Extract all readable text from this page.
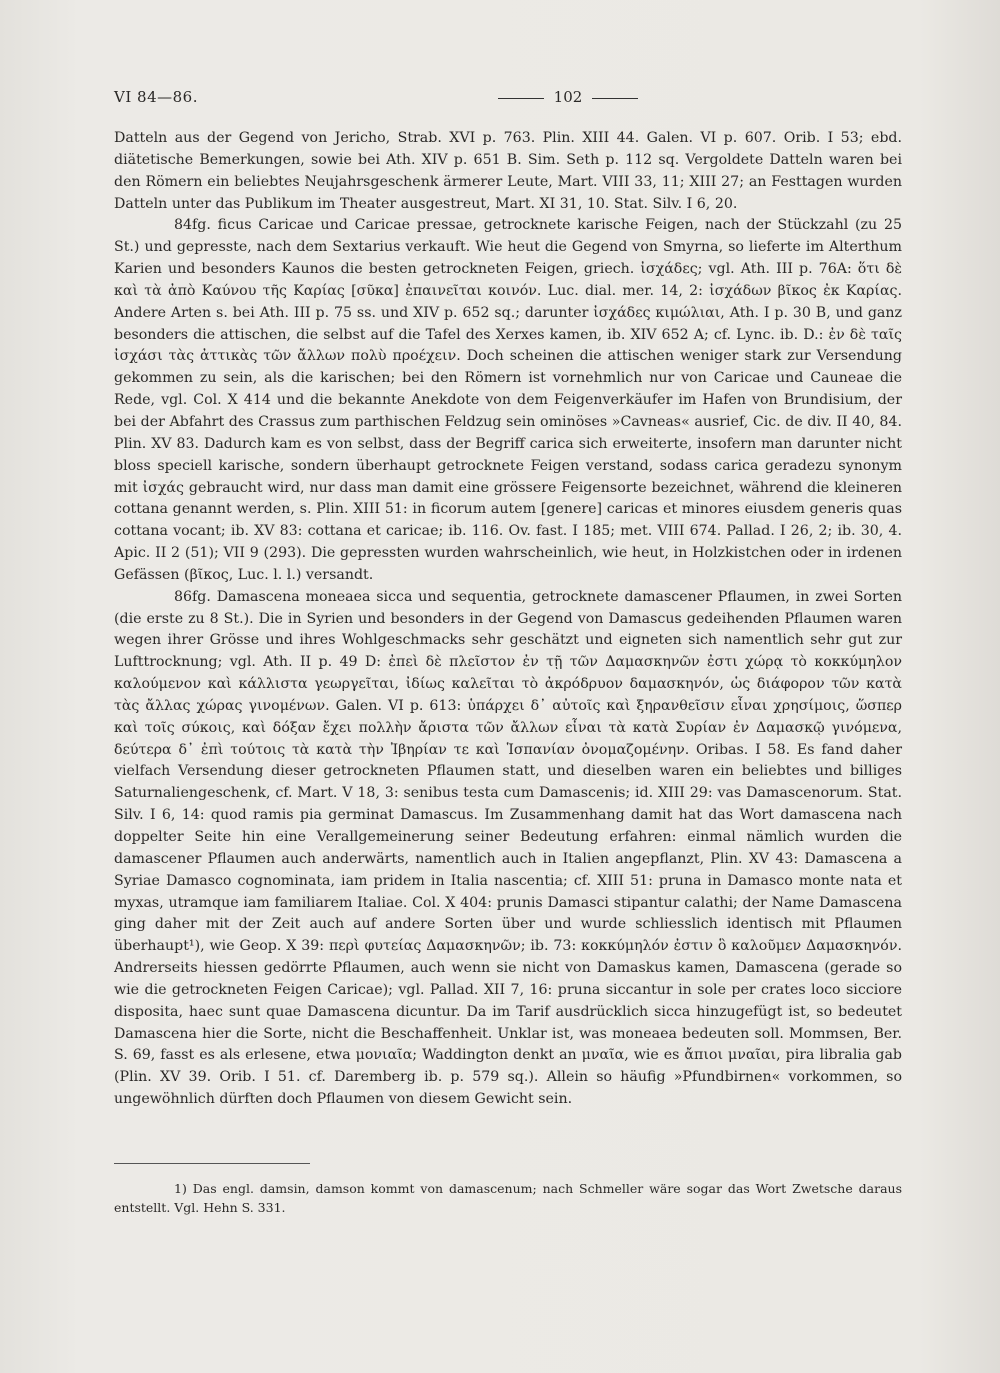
VI 84—86.	102

Datteln aus der Gegend von Jericho, Strab. XVI p. 763. Plin. XIII 44. Galen. VI p. 607. Orib. I 53; ebd. diätetische Bemerkungen, sowie bei Ath. XIV p. 651 B. Sim. Seth p. 112 sq. Vergoldete Datteln waren bei den Römern ein beliebtes Neujahrsgeschenk ärmerer Leute, Mart. VIII 33, 11; XIII 27; an Festtagen wurden Datteln unter das Publikum im Theater ausgestreut, Mart. XI 31, 10. Stat. Silv. I 6, 20.

84fg. ficus Caricae und Caricae pressae, getrocknete karische Feigen, nach der Stückzahl (zu 25 St.) und gepresste, nach dem Sextarius verkauft. Wie heut die Gegend von Smyrna, so lieferte im Alterthum Karien und besonders Kaunos die besten getrockneten Feigen, griech. ἰσχάδες; vgl. Ath. III p. 76A: ὅτι δὲ καὶ τὰ ἀπὸ Καύνου τῆς Καρίας [σῦκα] ἐπαινεῖται κοινόν. Luc. dial. mer. 14, 2: ἰσχάδων βῖκος ἐκ Καρίας. Andere Arten s. bei Ath. III p. 75 ss. und XIV p. 652 sq.; darunter ἰσχάδες κιμώλιαι, Ath. I p. 30 B, und ganz besonders die attischen, die selbst auf die Tafel des Xerxes kamen, ib. XIV 652 A; cf. Lync. ib. D.: ἐν δὲ ταῖς ἰσχάσι τὰς ἀττικὰς τῶν ἄλλων πολὺ προέχειν. Doch scheinen die attischen weniger stark zur Versendung gekommen zu sein, als die karischen; bei den Römern ist vornehmlich nur von Caricae und Cauneae die Rede, vgl. Col. X 414 und die bekannte Anekdote von dem Feigenverkäufer im Hafen von Brundisium, der bei der Abfahrt des Crassus zum parthischen Feldzug sein ominöses »Cavneas« ausrief, Cic. de div. II 40, 84. Plin. XV 83. Dadurch kam es von selbst, dass der Begriff carica sich erweiterte, insofern man darunter nicht bloss speciell karische, sondern überhaupt getrocknete Feigen verstand, sodass carica geradezu synonym mit ἰσχάς gebraucht wird, nur dass man damit eine grössere Feigensorte bezeichnet, während die kleineren cottana genannt werden, s. Plin. XIII 51: in ficorum autem [genere] caricas et minores eiusdem generis quas cottana vocant; ib. XV 83: cottana et caricae; ib. 116. Ov. fast. I 185; met. VIII 674. Pallad. I 26, 2; ib. 30, 4. Apic. II 2 (51); VII 9 (293). Die gepressten wurden wahrscheinlich, wie heut, in Holzkistchen oder in irdenen Gefässen (βῖκος, Luc. l. l.) versandt.

86fg. Damascena moneaea sicca und sequentia, getrocknete damascener Pflaumen, in zwei Sorten (die erste zu 8 St.). Die in Syrien und besonders in der Gegend von Damascus gedeihenden Pflaumen waren wegen ihrer Grösse und ihres Wohlgeschmacks sehr geschätzt und eigneten sich namentlich sehr gut zur Lufttrocknung; vgl. Ath. II p. 49 D: ἐπεὶ δὲ πλεῖστον ἐν τῇ τῶν Δαμασκηνῶν ἐστι χώρᾳ τὸ κοκκύμηλον καλούμενον καὶ κάλλιστα γεωργεῖται, ἰδίως καλεῖται τὸ ἀκρόδρυον δαμασκηνόν, ὡς διάφορον τῶν κατὰ τὰς ἄλλας χώρας γινομένων. Galen. VI p. 613: ὑπάρχει δ᾿ αὐτοῖς καὶ ξηρανθεῖσιν εἶναι χρησίμοις, ὥσπερ καὶ τοῖς σύκοις, καὶ δόξαν ἔχει πολλὴν ἄριστα τῶν ἄλλων εἶναι τὰ κατὰ Συρίαν ἐν Δαμασκῷ γινόμενα, δεύτερα δ᾿ ἐπὶ τούτοις τὰ κατὰ τὴν Ἰβηρίαν τε καὶ Ἱσπανίαν ὀνομαζομένην. Oribas. I 58. Es fand daher vielfach Versendung dieser getrockneten Pflaumen statt, und dieselben waren ein beliebtes und billiges Saturnaliengeschenk, cf. Mart. V 18, 3: senibus testa cum Damascenis; id. XIII 29: vas Damascenorum. Stat. Silv. I 6, 14: quod ramis pia germinat Damascus. Im Zusammenhang damit hat das Wort damascena nach doppelter Seite hin eine Verallgemeinerung seiner Bedeutung erfahren: einmal nämlich wurden die damascener Pflaumen auch anderwärts, namentlich auch in Italien angepflanzt, Plin. XV 43: Damascena a Syriae Damasco cognominata, iam pridem in Italia nascentia; cf. XIII 51: pruna in Damasco monte nata et myxas, utramque iam familiarem Italiae. Col. X 404: prunis Damasci stipantur calathi; der Name Damascena ging daher mit der Zeit auch auf andere Sorten über und wurde schliesslich identisch mit Pflaumen überhaupt¹), wie Geop. X 39: περὶ φυτείας Δαμασκηνῶν; ib. 73: κοκκύμηλόν ἐστιν ὃ καλοῦμεν Δαμασκηνόν. Andrerseits hiessen gedörrte Pflaumen, auch wenn sie nicht von Damaskus kamen, Damascena (gerade so wie die getrockneten Feigen Caricae); vgl. Pallad. XII 7, 16: pruna siccantur in sole per crates loco sicciore disposita, haec sunt quae Damascena dicuntur. Da im Tarif ausdrücklich sicca hinzugefügt ist, so bedeutet Damascena hier die Sorte, nicht die Beschaffenheit. Unklar ist, was moneaea bedeuten soll. Mommsen, Ber. S. 69, fasst es als erlesene, etwa μονιαῖα; Waddington denkt an μναῖα, wie es ἄπιοι μναῖαι, pira libralia gab (Plin. XV 39. Orib. I 51. cf. Daremberg ib. p. 579 sq.). Allein so häufig »Pfundbirnen« vorkommen, so ungewöhnlich dürften doch Pflaumen von diesem Gewicht sein.

1) Das engl. damsin, damson kommt von damascenum; nach Schmeller wäre sogar das Wort Zwetsche daraus entstellt. Vgl. Hehn S. 331.
